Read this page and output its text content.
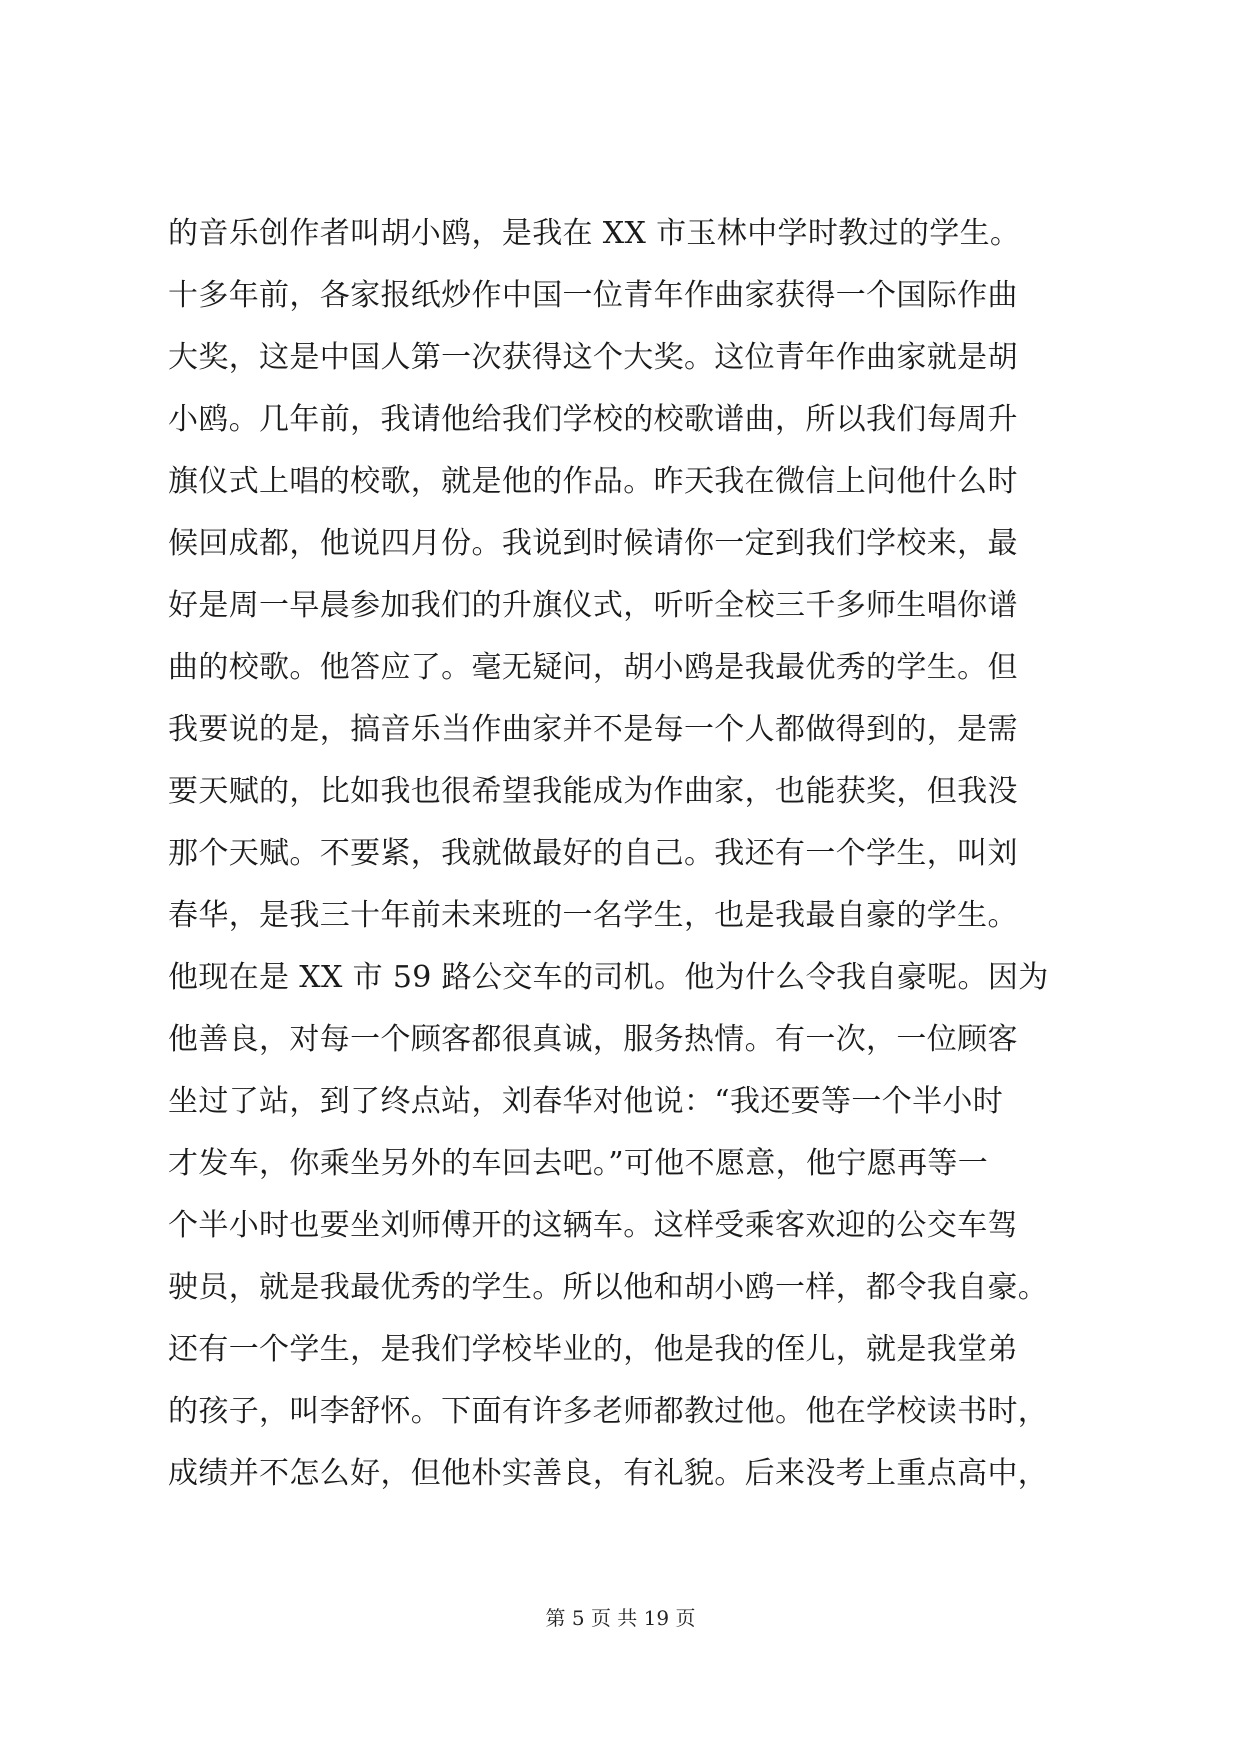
的音乐创作者叫胡小鸥，是我在 XX 市玉林中学时教过的学生。
十多年前，各家报纸炒作中国一位青年作曲家获得一个国际作曲
大奖，这是中国人第一次获得这个大奖。这位青年作曲家就是胡
小鸥。几年前，我请他给我们学校的校歌谱曲，所以我们每周升
旗仪式上唱的校歌，就是他的作品。昨天我在微信上问他什么时
候回成都，他说四月份。我说到时候请你一定到我们学校来，最
好是周一早晨参加我们的升旗仪式，听听全校三千多师生唱你谱
曲的校歌。他答应了。毫无疑问，胡小鸥是我最优秀的学生。但
我要说的是，搞音乐当作曲家并不是每一个人都做得到的，是需
要天赋的，比如我也很希望我能成为作曲家，也能获奖，但我没
那个天赋。不要紧，我就做最好的自己。我还有一个学生，叫刘
春华，是我三十年前未来班的一名学生，也是我最自豪的学生。
他现在是 XX 市 59 路公交车的司机。他为什么令我自豪呢。因为
他善良，对每一个顾客都很真诚，服务热情。有一次，一位顾客
坐过了站，到了终点站，刘春华对他说：“我还要等一个半小时
才发车，你乘坐另外的车回去吧。”可他不愿意，他宁愿再等一
个半小时也要坐刘师傅开的这辆车。这样受乘客欢迎的公交车驾
驶员，就是我最优秀的学生。所以他和胡小鸥一样，都令我自豪。
还有一个学生，是我们学校毕业的，他是我的侄儿，就是我堂弟
的孩子，叫李舒怀。下面有许多老师都教过他。他在学校读书时，
成绩并不怎么好，但他朴实善良，有礼貌。后来没考上重点高中，
第 5 页 共 19 页
